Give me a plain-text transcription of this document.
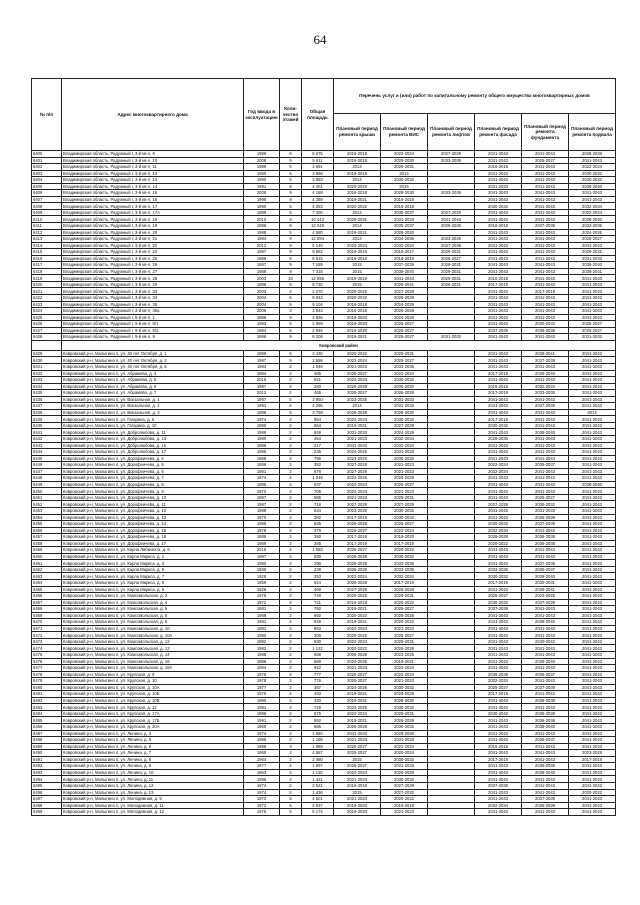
64
№ п/п	Адрес многоквартирного дома	Год ввода в эксплуатацию	Коли-чество этажей	Общая площадь	Перечень услуг и (или) работ по капитальному ремонту общего имущества многоквартирных домов					
					Плановый период ремонта крыши	Плановый период ремонта ВИС	Плановый период ремонта лифтов	Плановый период ремонта фасада	Плановый период ремонта фундамента	Плановый период ремонта подвала
6400	Владимирская область, Радужный г, 3-й кв-л, 6	1989	9	6 675	2016-2018	2022-2024	2027-2029	2041-2043	2041-2043	2038-2039
6401	Владимирская область, Радужный г, 3-й кв-л, 10	2008	9	5 911	2016-2018	2029-2030	2033-2035	2041-2043	2025-2027	2041-2043
6402	Владимирская область, Радужный г, 3-й кв-л, 11	1988	5	3 691	2014	2029-2031		2016-2018	2041-2043	2022-2024
6403	Владимирская область, Радужный г, 3-й кв-л, 12	1990	5	3 868	2016-2018	2014		2041-2043	2041-2043	2030-2032
6404	Владимирская область, Радужный г, 3-й кв-л, 13	1990	5	3 853	2014	2030-2032		2041-2043	2041-2043	2030-2032
6405	Владимирская область, Радужный г, 3-й кв-л, 14	1991	6	4 401	2020-2022	2015		2031-2033	2041-2043	2038-2040
6406	Владимирская область, Радужный г, 3-й кв-л, 15	2008	9	4 188	2016-2018	2028-2030	2033-2035	2041-2043	2041-2043	2041-2043
6407	Владимирская область, Радужный г, 3-й кв-л, 16	1996	9	4 389	2019-2021	2016-2018		2041-2043	2041-2043	2041-2043
6408	Владимирская область, Радужный г, 3-й кв-л, 17	1990	5	4 353	2020-2022	2016-2018		2030-2032	2041-2043	2032-2034
6409	Владимирская область, Радужный г, 3-й кв-л, 17А	1989	5	7 400	2014	2035-2037	2027-2029	2041-2043	2041-2043	2022-2024
6410	Владимирская область, Радужный г, 3-й кв-л, 18	2010	9	10 443	2029-2031	2031-2033	2041-2043	2041-2043	2041-2043	2038-2040
6411	Владимирская область, Радужный г, 3-й кв-л, 19	1986	9	12 249	2014	2035-2037	2029-2030	2016-2018	2037-2039	2033-2035
6412	Владимирская область, Радужный г, 3-й кв-л, 20	1988	5	4 580	2019-2021	2028-2030		2041-2043	2041-2043	2024-2026
6413	Владимирская область, Радужный г, 3-й кв-л, 21	1984	9	12 094	2014	2034-2036	2023-2025	2041-2043	2041-2043	2025-2027
6414	Владимирская область, Радужный г, 3-й кв-л, 22	2012	9	5 140	2022-2024	2032-2034	2037-2038	2041-2043	2041-2043	2041-2043
6415	Владимирская область, Радужный г, 3-й кв-л, 23	1987	9	9 662	2016-2018	2015-2017	2029-2031	2041-2043	2041-2043	2029-2031
6416	Владимирская область, Радужный г, 3-й кв-л, 25	1989	9	6 615	2016-2018	2016-2018	2025-2027	2041-2043	2041-2043	2031-2033
6417	Владимирская область, Радужный г, 3-й кв-л, 26	1987	9	7 189	2015	2037-2039	2029-2031	2041-2043	2041-2043	2038-2040
6418	Владимирская область, Радужный г, 3-й кв-л, 27	1988	9	7 318	2015	2036-2040	2029-2031	2041-2043	2041-2043	2038-2041
6419	Владимирская область, Радужный г, 3-й кв-л, 28	2003	10	12 556	2019-2019	2041-2043	2029-2031	2016-2018	2041-2043	2041-2043
6420	Владимирская область, Радужный г, 3-й кв-л, 29	1988	9	9 730	2015	2029-2041	2029-2031	2017-2019	2041-2043	2041-2043
6421	Владимирская область, Радужный г, 3-й кв-л, 33	2003	4	2 270	2020-2022	2027-2029		2041-2043	2017-2019	2041-2043
6422	Владимирская область, Радужный г, 3-й кв-л, 34	2004	5	9 942	2020-2022	2026-2028		2041-2043	2041-2043	2041-2043
6423	Владимирская область, Радужный г, 3-й кв-л, 35	2004	5	9 104	2016-2018	2024-2026		2041-2043	2041-2043	2041-2043
6424	Владимирская область, Радужный г, 3-й кв-л, 35а	2006	3	3 843	2016-2018	2026-2028		2041-2043	2041-2043	2041-2043
6425	Владимирская область, Радужный г, 9-й кв-л, 1	1986	9	4 926	2016-2020	2024-2026		2041-2043	2041-2043	2041-2043
6426	Владимирская область, Радужный г, 9-й кв-л, 8/1	1983	5	2 959	2016-2020	2025-2027		2041-2043	2030-2032	2025-2027
6427	Владимирская область, Радужный г, 9-й кв-л, 8/2	1984	5	2 946	2016-2020	2025-2027		2037-2039	2036-2038	2025-2027
6428	Владимирская область, Радужный г, 9-й кв-л, 9	1986	9	6 208	2019-2021	2025-2027	2031-2033	2041-2043	2041-2043	2031-2033
	Ковровский район									
6429	Ковровский р-н, Малыгино п, ул. 40 лет Октября, д. 1	1989	5	3 436	2020-2022	2029-2031		2041-2043	2038-2041	2041-2043
6430	Ковровский р-н, Малыгино п, ул. 40 лет Октября, д. 3	1987	5	2 598	2022-2024	2025-2027		2041-2043	2037-2039	2041-2043
6431	Ковровский р-н, Малыгино п, ул. 40 лет Октября, д. 5	1983	2	1 046	2021-2023	2033-2035		2041-2043	2041-2043	2041-2043
6432	Ковровский р-н, Малыгино п, ул. Абрамова, д. 4	1984	2	485	2025-2027	2022-2024		2017-2019	2038-2040	2041-2043
6433	Ковровский р-н, Малыгино п, ул. Абрамова, д. 5	2016	2	821	2022-2024	2030-2032		2041-2043	2041-2043	2041-2043
6434	Ковровский р-н, Малыгино п, ул. Абрамова, д. 6	1987	2	280	2026-2028	2030-2032		2016-2018	2032-2034	2041-2043
6435	Ковровский р-н, Малыгино п, ул. Абрамова, д. 7	2012	2	465	2025-2027	2026-2028		2017-2019	2033-2035	2041-2043
6436	Ковровский р-н, Малыгино п, ул. Вокзальная, д. 1	1987	5	3 850	2023-2025	2031-2033		2041-2043	2041-2043	2041-2043
6437	Ковровский р-н, Малыгино п, ул. Вокзальная, д. 2	1991	2	4 295	2014	2031-2033		2041-2043	2037-2039	2041-2043
6438	Ковровский р-н, Малыгино п, ул. Вокзальная, д. 3	1988	5	3 759	2026-2028	2028-2030		2041-2043	2041-2043	2014
6439	Ковровский р-н, Малыгино п, ул. Гагарина, д. 5	1974	2	954	2022-2024	2030-2032		2017-2019	2041-2043	2041-2043
6440	Ковровский р-н, Малыгино п, ул. Гагарина, д. 10	1980	2	864	2019-2021	2027-2029		2030-2032	2041-2043	2041-2043
6441	Ковровский р-н, Малыгино п, ул. Добролюбова, д. 11	1986	2	849	2031-2033	2024-2026		2041-2043	2038-2040	2041-2043
6442	Ковровский р-н, Малыгино п, ул. Добролюбова, д. 13	1980	2	454	2021-2023	2032-2034		2029-2030	2041-2043	2041-2043
6443	Ковровский р-н, Малыгино п, ул. Добролюбова, д. 15	1986	2	217	2041-2043	2032-2034		2041-2043	2041-2043	2041-2043
6444	Ковровский р-н, Малыгино п, ул. Добролюбова, д. 17	1985	2	235	2024-2026	2031-2033		2041-2043	2041-2043	2041-2043
6445	Ковровский р-н, Малыгино п, ул. Дорофеичева, д. 4	1968	2	796	2023-2025	2030-2032		2041-2043	2041-2043	2041-2043
6446	Ковровский р-н, Малыгино п, ул. Дорофеичева, д. 5	1986	2	382	2027-2029	2021-2023		2022-2024	2035-2037	2041-2043
6447	Ковровский р-н, Малыгино п, ул. Дорофеичева, д. 6	1981	2	678	2027-2029	2021-2023		2032-2034	2041-2043	2041-2043
6448	Ковровский р-н, Малыгино п, ул. Дорофеичева, д. 7	1974	2	1 049	2023-2025	2026-2028		2041-2043	2041-2043	2041-2043
6449	Ковровский р-н, Малыгино п, ул. Дорофеичева, д. 8	1985	4	637	2022-2024	2025-2027		2041-2043	2041-2043	2038-2040
6450	Ковровский р-н, Малыгино п, ул. Дорофеичева, д. 9	1970	2	706	2022-2024	2021-2023		2041-2043	2041-2043	2041-2043
6451	Ковровский р-н, Малыгино п, ул. Дорофеичева, д. 10	1987	2	585	2021-2023	2029-2031		2041-2043	2025-2027	2041-2043
6452	Ковровский р-н, Малыгино п, ул. Дорофеичева, д. 11	1987	2	716	2027-2029	2027-2029		2027-2029	2030-2032	2041-2043
6453	Ковровский р-н, Малыгино п, ул. Дорофеичева, д. 12	1988	2	634	2023-2025	2030-2032		2041-2043	2031-2033	2041-2043
6454	Ковровский р-н, Малыгино п, ул. Дорофеичева, д. 13	1970	2	382	2017-2019	2030-2032		2041-2043	2036-2038	2041-2043
6455	Ковровский р-н, Малыгино п, ул. Дорофеичева, д. 14	1986	2	635	2026-2028	2025-2027		2030-2032	2037-2039	2041-2043
6456	Ковровский р-н, Малыгино п, ул. Дорофеичева, д. 15	1978	2	378	2025-2027	2022-2024		2032-2034	2041-2043	2041-2043
6457	Ковровский р-н, Малыгино п, ул. Дорофеичева, д. 16	1985	2	380	2017-2019	2019-2020		2026-2028	2036-2038	2041-2043
6458	Ковровский р-н, Малыгино п, ул. Дорофеичева, д. 17	1989	2	355	2017-2019	2017-2019		2020-2022	2036-2038	2041-2043
6459	Ковровский р-н, Малыгино п, ул. Карла Либкнехта, д. 6	2015	2	1 883	2025-2027	2020-2022		2041-2043	2041-2043	2041-2043
6460	Ковровский р-н, Малыгино п, ул. Карла Маркса, д. 1	1997	2	830	2026-2028	2030-2032		2041-2043	2041-2043	2041-2043
6461	Ковровский р-н, Малыгино п, ул. Карла Маркса, д. 3	1980	2	296	2026-2028	2033-2035		2041-2043	2037-2039	2041-2043
6462	Ковровский р-н, Малыгино п, ул. Карла Маркса, д. 5	1930	2	238	2026-2028	2033-2035		2033-2035	2035-2037	2041-2043
6463	Ковровский р-н, Малыгино п, ул. Карла Маркса, д. 7	1928	2	253	2022-2024	2032-2034		2030-2032	2039-2040	2041-2043
6464	Ковровский р-н, Малыгино п, ул. Карла Маркса, д. 8	1959	2	624	2026-2028	2017-2019		2017-2019	2030-2031	2041-2043
6465	Ковровский р-н, Малыгино п, ул. Карла Маркса, д. 9	1928	2	469	2027-2029	2026-2028		2041-2043	2038-2041	2041-2043
6466	Ковровский р-н, Малыгино п, ул. Комсомольская, д. 2	1976	2	749	2020-2022	2029-2031		2025-2027	2023-2025	2041-2043
6467	Ковровский р-н, Малыгино п, ул. Комсомольская, д. 4	1972	2	721	2016-2018	2020-2022		2030-2032	2037-2039	2041-2043
6468	Ковровский р-н, Малыгино п, ул. Комсомольская, д. 5	1981	2	792	2019-2021	2025-2027		2037-2039	2041-2043	2041-2043
6469	Ковровский р-н, Малыгино п, ул. Комсомольская, д. 6	1989	2	692	2020-2022	2026-2028		2041-2043	2041-2043	2041-2043
6470	Ковровский р-н, Малыгино п, ул. Комсомольская, д. 8	1981	2	849	2019-2021	2020-2022		2041-2043	2038-2040	2041-2043
6471	Ковровский р-н, Малыгино п, ул. Комсомольская, д. 10	1981	2	863	2022-2024	2021-2023		2041-2043	2041-2043	2041-2043
6472	Ковровский р-н, Малыгино п, ул. Комсомольская, д. 10А	1980	2	306	2020-2022	2025-2027		2041-2043	2041-2043	2041-2043
6473	Ковровский р-н, Малыгино п, ул. Комсомольская, д. 12	1982	2	830	2022-2024	2029-2031		2041-2043	2040-2042	2041-2043
6474	Ковровский р-н, Малыгино п, ул. Комсомольская, д. 13	1982	2	1 132	2020-2022	2026-2028		2041-2043	2041-2043	2041-2043
6475	Ковровский р-н, Малыгино п, ул. Комсомольская, д. 14	1988	2	658	2026-2028	2023-2025		2041-2043	2041-2043	2041-2043
6476	Ковровский р-н, Малыгино п, ул. Комсомольская, д. 16	1988	2	669	2024-2026	2019-2021		2041-2043	2038-2040	2041-2043
6477	Ковровский р-н, Малыгино п, ул. Комсомольская, д. 18А	1964	2	942	2021-2023	2022-2024		2041-2043	2041-2043	2041-2043
6478	Ковровский р-н, Малыгино п, ул. Крупская, д. 9	1975	2	777	2025-2027	2022-2024		2036-2038	2035-2037	2041-2043
6479	Ковровский р-н, Малыгино п, ул. Крупская, д. 10	1978	2	776	2025-2027	2021-2023		2032-2034	2041-2043	2041-2043
6480	Ковровский р-н, Малыгино п, ул. Крупская, д. 10А	1977	2	387	2024-2026	2030-2032		2025-2027	2037-2039	2041-2043
6481	Ковровский р-н, Малыгино п, ул. Крупская, д. 10Б	1976	2	493	2019-2021	2026-2028		2017-2019	2041-2043	2041-2043
6482	Ковровский р-н, Малыгино п, ул. Крупская, д. 10В	1990	2	420	2019-2021	2028-2030		2041-2043	2036-2038	2041-2043
6483	Ковровский р-н, Малыгино п, ул. Крупская, д. 12	1981	2	729	2023-2025	2030-2032		2041-2043	2041-2043	2041-2043
6484	Ковровский р-н, Малыгино п, ул. Крупская, д. 17А	1988	2	675	2022-2024	2029-2031		2040-2042	2036-2038	2041-2043
6485	Ковровский р-н, Малыгино п, ул. Крупская, д. 17Б	1991	2	892	2019-2021	2026-2028		2041-2043	2036-2038	2041-2043
6486	Ковровский р-н, Малыгино п, ул. Крупская, д. 20А	1960	2	686	2026-2028	2030-2032		2041-2043	2038-2040	2041-2043
6487	Ковровский р-н, Малыгино п, ул. Ленина, д. 3	1974	2	1 660	2041-2043	2029-2030		2041-2043	2041-2043	2041-2043
6488	Ковровский р-н, Малыгино п, ул. Ленина, д. 5	1986	2	1 188	2021-2023	2031-2033		2041-2043	2035-2037	2041-2043
6489	Ковровский р-н, Малыгино п, ул. Ленина, д. 6	1958	3	1 958	2025-2027	2022-2024		2016-2018	2041-2043	2041-2043
6490	Ковровский р-н, Малыгино п, ул. Ленина, д. 7	1960	2	4 587	2025-2027	2020-2024		2041-2043	2041-2043	2023-2025
6491	Ковровский р-н, Малыгино п, ул. Ленина, д. 8	1964	2	2 480	2015	2030-2032		2017-2019	2041-2043	2017-2019
6492	Ковровский р-н, Малыгино п, ул. Ленина, д. 9	1977	2	1 697	2025-2027	2031-2033		2041-2043	2036-2038	2041-2043
6493	Ковровский р-н, Малыгино п, ул. Ленина, д. 10	1963	2	1 130	2022-2024	2026-2028		2041-2043	2038-2040	2041-2043
6494	Ковровский р-н, Малыгино п, ул. Ленина, д. 11	1996	2	1 421	2021-2023	2030-2032		2041-2043	2041-2043	2041-2043
6495	Ковровский р-н, Малыгино п, ул. Ленина, д. 12	1974	2	2 521	2016-2018	2027-2029		2037-2039	2041-2043	2041-2043
6496	Ковровский р-н, Малыгино п, ул. Ленина, д. 13	1974	2	1 436	2015	2027-2032		2041-2043	2041-2043	2020-2022
6497	Ковровский р-н, Малыгино п, ул. Молодежная, д. 9	1972	5	4 501	2021-2023	2020-2022		2041-2043	2037-2039	2041-2043
6498	Ковровский р-н, Малыгино п, ул. Молодежная, д. 11	1972	5	4 537	2016-2020	2016-2018		2032-2034	2036-2038	2041-2043
6499	Ковровский р-н, Малыгино п, ул. Молодежная, д. 12	1975	5	5 174	2016-2020	2021-2023		2041-2043	2041-2043	2041-2043
